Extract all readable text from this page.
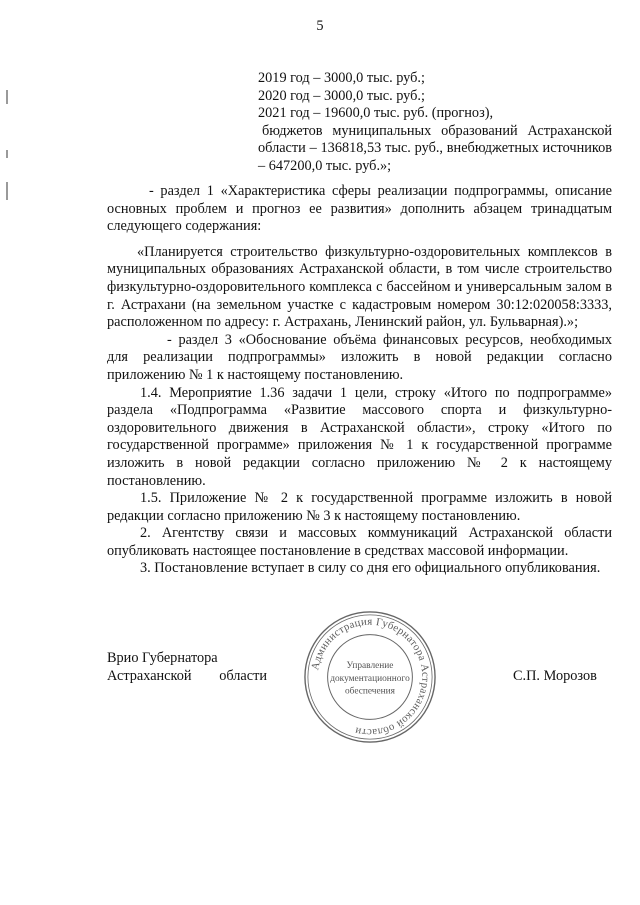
5
2019 год – 3000,0 тыс. руб.;
2020 год – 3000,0 тыс. руб.;
2021 год – 19600,0 тыс. руб. (прогноз),
бюджетов муниципальных образований Астраханской области – 136818,53 тыс. руб., внебюджетных источников – 647200,0 тыс. руб.»;

- раздел 1 «Характеристика сферы реализации подпрограммы, описание основных проблем и прогноз ее развития» дополнить абзацем тринадцатым следующего содержания:

«Планируется строительство физкультурно-оздоровительных комплексов в муниципальных образованиях Астраханской области, в том числе строительство физкультурно-оздоровительного комплекса с бассейном и универсальным залом в г. Астрахани (на земельном участке с кадастровым номером 30:12:020058:3333, расположенном по адресу: г. Астрахань, Ленинский район, ул. Бульварная).»;

- раздел 3 «Обоснование объёма финансовых ресурсов, необходимых для реализации подпрограммы» изложить в новой редакции согласно приложению № 1 к настоящему постановлению.

1.4. Мероприятие 1.36 задачи 1 цели, строку «Итого по подпрограмме» раздела «Подпрограмма «Развитие массового спорта и физкультурно-оздоровительного движения в Астраханской области», строку «Итого по государственной программе» приложения № 1 к государственной программе изложить в новой редакции согласно приложению № 2 к настоящему постановлению.

1.5. Приложение № 2 к государственной программе изложить в новой редакции согласно приложению № 3 к настоящему постановлению.

2. Агентству связи и массовых коммуникаций Астраханской области опубликовать настоящее постановление в средствах массовой информации.

3. Постановление вступает в силу со дня его официального опубликования.

Врио Губернатора
Астраханской области	С.П. Морозов
Администрация Губернатора Астраханской области
Управление
документационного
обеспечения
